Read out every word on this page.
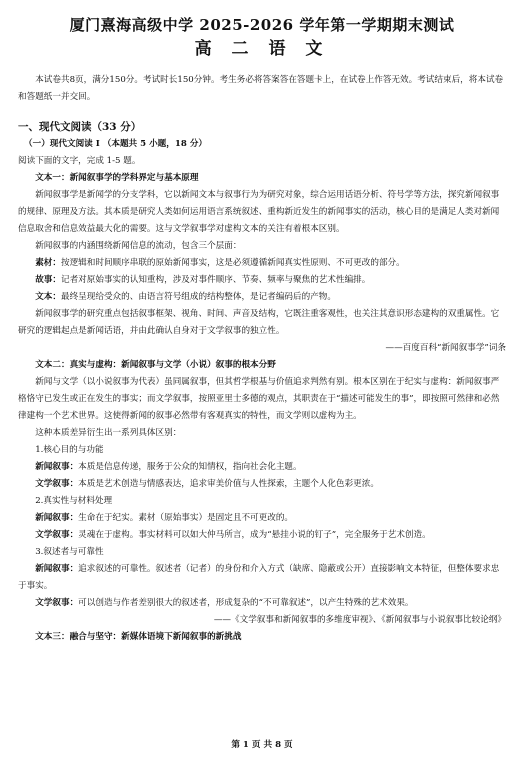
厦门熹海高级中学 2025-2026 学年第一学期期末测试
高 二 语 文

本试卷共8页，满分150分。考试时长150分钟。考生务必将答案答在答题卡上，在试卷上作答无效。考试结束后，将本试卷和答题纸一并交回。

一、现代文阅读（33 分）
（一）现代文阅读 I （本题共 5 小题，18 分）

阅读下面的文字，完成 1-5 题。

文本一：新闻叙事学的学科界定与基本原理

新闻叙事学是新闻学的分支学科，它以新闻文本与叙事行为为研究对象，综合运用话语分析、符号学等方法，探究新闻叙事的规律、原理及方法。其本质是研究人类如何运用语言系统叙述、重构新近发生的新闻事实的活动，核心目的是满足人类对新闻信息取舍和信息效益最大化的需要。这与文学叙事学对虚构文本的关注有着根本区别。

新闻叙事的内涵围绕新闻信息的流动，包含三个层面：

素材：按逻辑和时间顺序串联的原始新闻事实，这是必须遵循新闻真实性原则、不可更改的部分。

故事：记者对原始事实的认知重构，涉及对事件顺序、节奏、频率与聚焦的艺术性编排。

文本：最终呈现给受众的、由语言符号组成的结构整体，是记者编码后的产物。

新闻叙事学的研究重点包括叙事框架、视角、时间、声音及结构，它既注重客观性，也关注其意识形态建构的双重属性。它研究的逻辑起点是新闻话语，并由此确认自身对于文学叙事的独立性。

——百度百科“新闻叙事学”词条

文本二：真实与虚构：新闻叙事与文学（小说）叙事的根本分野

新闻与文学（以小说叙事为代表）虽同属叙事，但其哲学根基与价值追求判然有别。根本区别在于纪实与虚构：新闻叙事严格恪守已发生或正在发生的事实；而文学叙事，按照亚里士多德的观点，其职责在于“描述可能发生的事”，即按照可然律和必然律建构一个艺术世界。这使得新闻的叙事必然带有客观真实的特性，而文学则以虚构为主。

这种本质差异衍生出一系列具体区别：

1.核心目的与功能

新闻叙事：本质是信息传递，服务于公众的知情权，指向社会化主题。

文学叙事：本质是艺术创造与情感表达，追求审美价值与人性探索，主题个人化色彩更浓。

2.真实性与材料处理

新闻叙事：生命在于纪实。素材（原始事实）是固定且不可更改的。

文学叙事：灵魂在于虚构。事实材料可以如大仲马所言，成为“悬挂小说的钉子”，完全服务于艺术创造。

3.叙述者与可靠性

新闻叙事：追求叙述的可靠性。叙述者（记者）的身份和介入方式（缺席、隐蔽或公开）直接影响文本特征，但整体要求忠于事实。

文学叙事：可以创造与作者差别很大的叙述者，形成复杂的“不可靠叙述”，以产生特殊的艺术效果。

——《文学叙事和新闻叙事的多维度审视》、《新闻叙事与小说叙事比较论纲》

文本三：融合与坚守：新媒体语境下新闻叙事的新挑战

第 1 页 共 8 页
